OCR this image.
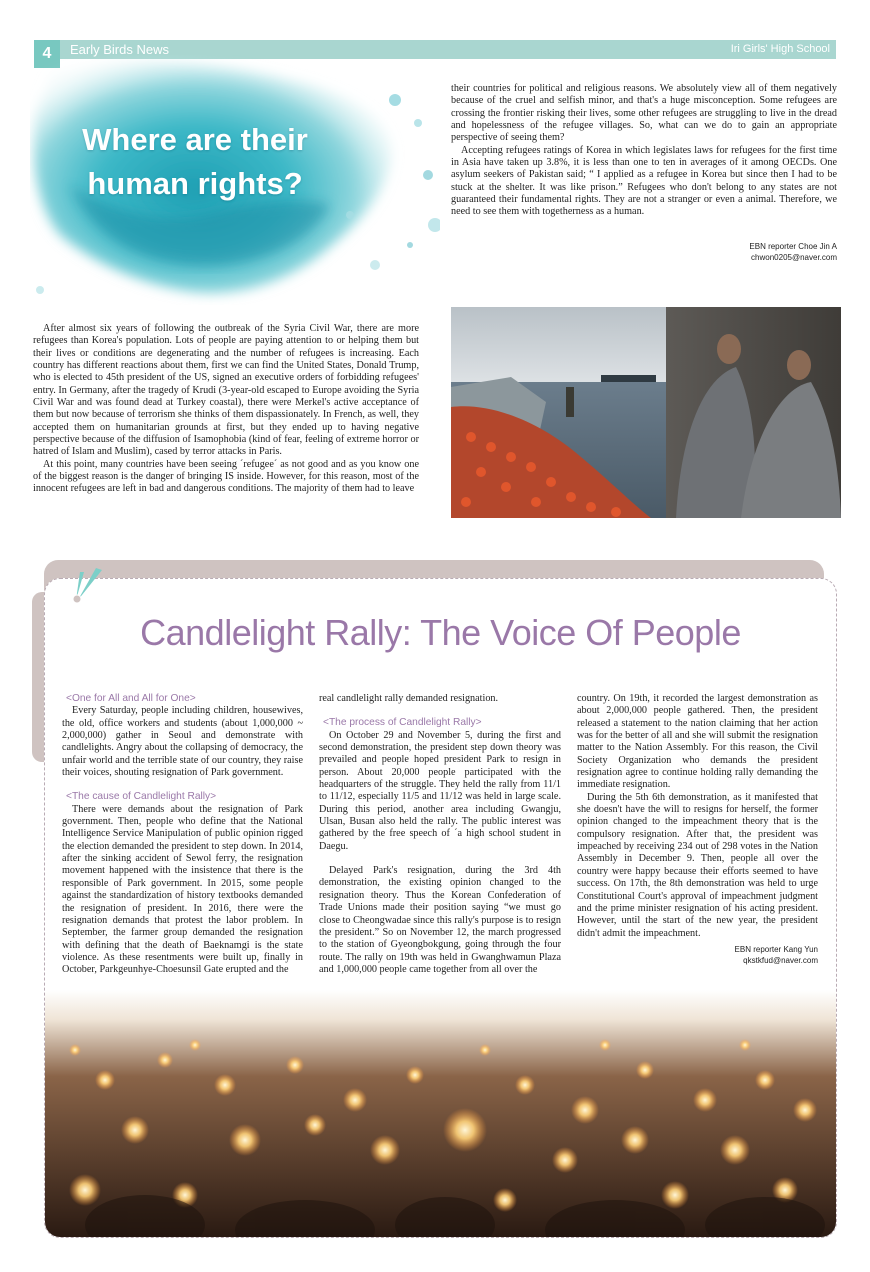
4	Early Birds News	Iri Girls' High School
Where are their
human rights?

their countries for political and religious reasons. We absolutely view all of them negatively because of the cruel and selfish minor, and that's a huge misconception. Some refugees are crossing the frontier risking their lives, some other refugees are struggling to live in the dread and hopelessness of the refugee villages. So, what can we do to gain an appropriate perspective of seeing them?

Accepting refugees ratings of Korea in which legislates laws for refugees for the first time in Asia have taken up 3.8%, it is less than one to ten in averages of it among OECDs. One asylum seekers of Pakistan said; “ I applied as a refugee in Korea but since then I had to be stuck at the shelter. It was like prison.” Refugees who don't belong to any states are not guaranteed their fundamental rights. They are not a stranger or even a animal. Therefore, we need to see them with togetherness as a human.

EBN reporter Choe Jin A
chwon0205@naver.com

After almost six years of following the outbreak of the Syria Civil War, there are more refugees than Korea's population. Lots of people are paying attention to or helping them but their lives or conditions are degenerating and the number of refugees is increasing. Each country has different reactions about them, first we can find the United States, Donald Trump, who is elected to 45th president of the US, signed an executive orders of forbidding refugees' entry. In Germany, after the tragedy of Krudi (3-year-old escaped to Europe avoiding the Syria Civil War and was found dead at Turkey coastal), there were Merkel's active acceptance of them but now because of terrorism she thinks of them dispassionately. In French, as well, they accepted them on humanitarian grounds at first, but they ended up to having negative perspective because of the diffusion of Isamophobia (kind of fear, feeling of extreme horror or hatred of Islam and Muslim), cased by terror attacks in Paris.

At this point, many countries have been seeing ´refugee´ as not good and as you know one of the biggest reason is the danger of bringing IS inside. However, for this reason, most of the innocent refugees are left in bad and dangerous conditions. The majority of them had to leave

Candlelight Rally: The Voice Of People

<One for All and All for One>

Every Saturday, people including children, housewives, the old, office workers and students (about 1,000,000 ~ 2,000,000) gather in Seoul and demonstrate with candlelights. Angry about the collapsing of democracy, the unfair world and the terrible state of our country, they raise their voices, shouting resignation of Park government.

<The cause of Candlelight Rally>

There were demands about the resignation of Park government. Then, people who define that the National Intelligence Service Manipulation of public opinion rigged the election demanded the president to step down. In 2014, after the sinking accident of Sewol ferry, the resignation movement happened with the insistence that there is the responsible of Park government. In 2015, some people against the standardization of history textbooks demanded the resignation of president. In 2016, there were the resignation demands that protest the labor problem. In September, the farmer group demanded the resignation with defining that the death of Baeknamgi is the state violence. As these resentments were built up, finally in October, Parkgeunhye-Choesunsil Gate erupted and the

real candlelight rally demanded resignation.

<The process of Candlelight Rally>

On October 29 and November 5, during the first and second demonstration, the president step down theory was prevailed and people hoped president Park to resign in person. About 20,000 people participated with the headquarters of the struggle. They held the rally from 11/1 to 11/12, especially 11/5 and 11/12 was held in large scale. During this period, another area including Gwangju, Ulsan, Busan also held the rally. The public interest was gathered by the free speech of ´a high school student in Daegu.

Delayed Park's resignation, during the 3rd 4th demonstration, the existing opinion changed to the resignation theory. Thus the Korean Confederation of Trade Unions made their position saying “we must go close to Cheongwadae since this rally's purpose is to resign the president.” So on November 12, the march progressed to the station of Gyeongbokgung, going through the four route. The rally on 19th was held in Gwanghwamun Plaza and 1,000,000 people came together from all over the

country. On 19th, it recorded the largest demonstration as about 2,000,000 people gathered. Then, the president released a statement to the nation claiming that her action was for the better of all and she will submit the resignation matter to the Nation Assembly. For this reason, the Civil Society Organization who demands the president resignation agree to continue holding rally demanding the immediate resignation.

During the 5th 6th demonstration, as it manifested that she doesn't have the will to resigns for herself, the former opinion changed to the impeachment theory that is the compulsory resignation. After that, the president was impeached by receiving 234 out of 298 votes in the Nation Assembly in December 9. Then, people all over the country were happy because their efforts seemed to have success. On 17th, the 8th demonstration was held to urge Constitutional Court's approval of impeachment judgment and the prime minister resignation of his acting president. However, until the start of the new year, the president didn't admit the impeachment.

EBN reporter Kang Yun
qkstkfud@naver.com
